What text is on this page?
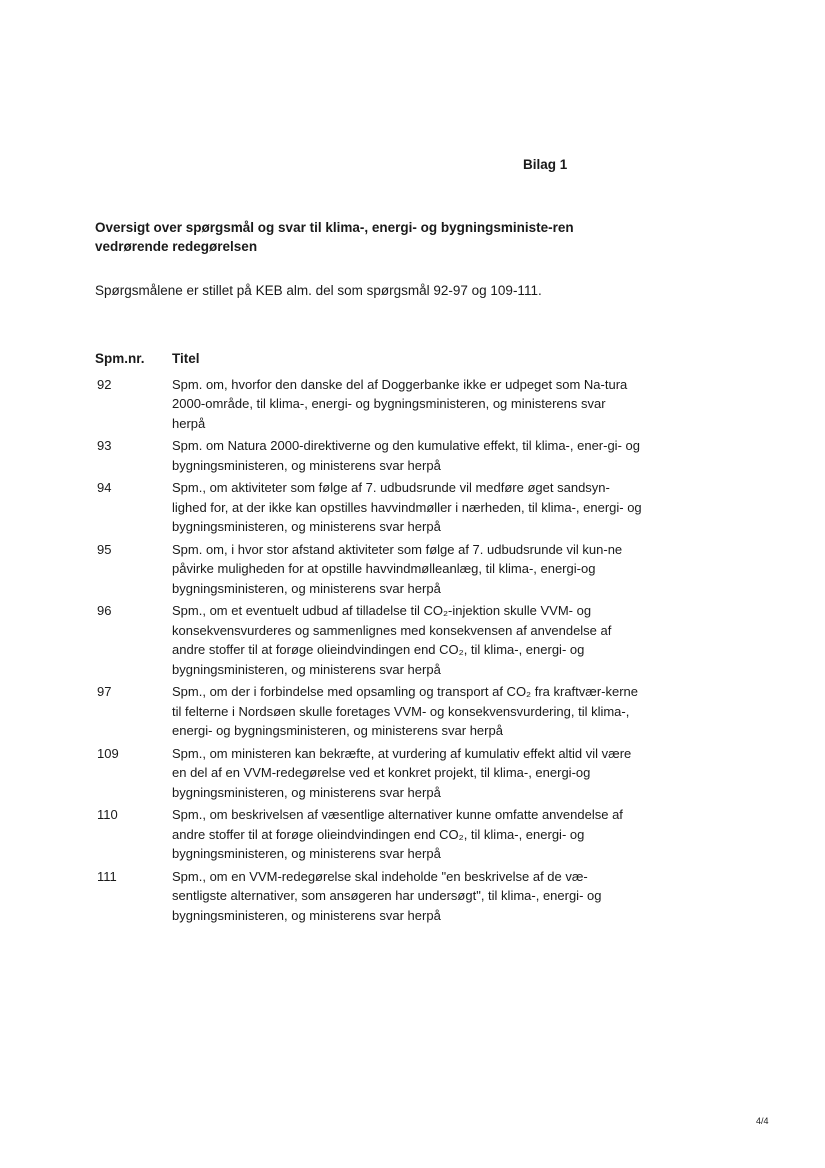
Bilag 1
Oversigt over spørgsmål og svar til klima-, energi- og bygningsministe-ren vedrørende redegørelsen
Spørgsmålene er stillet på KEB alm. del som spørgsmål 92-97 og 109-111.
Spm.nr.	Titel
92	Spm. om, hvorfor den danske del af Doggerbanke ikke er udpeget som Na-tura 2000-område, til klima-, energi- og bygningsministeren, og ministerens svar herpå
93	Spm. om Natura 2000-direktiverne og den kumulative effekt, til klima-, ener-gi- og bygningsministeren, og ministerens svar herpå
94	Spm., om aktiviteter som følge af 7. udbudsrunde vil medføre øget sandsyn-lighed for, at der ikke kan opstilles havvindmøller i nærheden, til klima-, energi- og bygningsministeren, og ministerens svar herpå
95	Spm. om, i hvor stor afstand aktiviteter som følge af 7. udbudsrunde vil kun-ne påvirke muligheden for at opstille havvindmølleanlæg, til klima-, energi-og bygningsministeren, og ministerens svar herpå
96	Spm., om et eventuelt udbud af tilladelse til CO₂-injektion skulle VVM- og konsekvensvurderes og sammenlignes med konsekvensen af anvendelse af andre stoffer til at forøge olieindvindingen end CO₂, til klima-, energi- og bygningsministeren, og ministerens svar herpå
97	Spm., om der i forbindelse med opsamling og transport af CO₂ fra kraftvær-kerne til felterne i Nordsøen skulle foretages VVM- og konsekvensvurdering, til klima-, energi- og bygningsministeren, og ministerens svar herpå
109	Spm., om ministeren kan bekræfte, at vurdering af kumulativ effekt altid vil være en del af en VVM-redegørelse ved et konkret projekt, til klima-, energi-og bygningsministeren, og ministerens svar herpå
110	Spm., om beskrivelsen af væsentlige alternativer kunne omfatte anvendelse af andre stoffer til at forøge olieindvindingen end CO₂, til klima-, energi- og bygningsministeren, og ministerens svar herpå
111	Spm., om en VVM-redegørelse skal indeholde "en beskrivelse af de væ-sentligste alternativer, som ansøgeren har undersøgt", til klima-, energi- og bygningsministeren, og ministerens svar herpå
4/4
